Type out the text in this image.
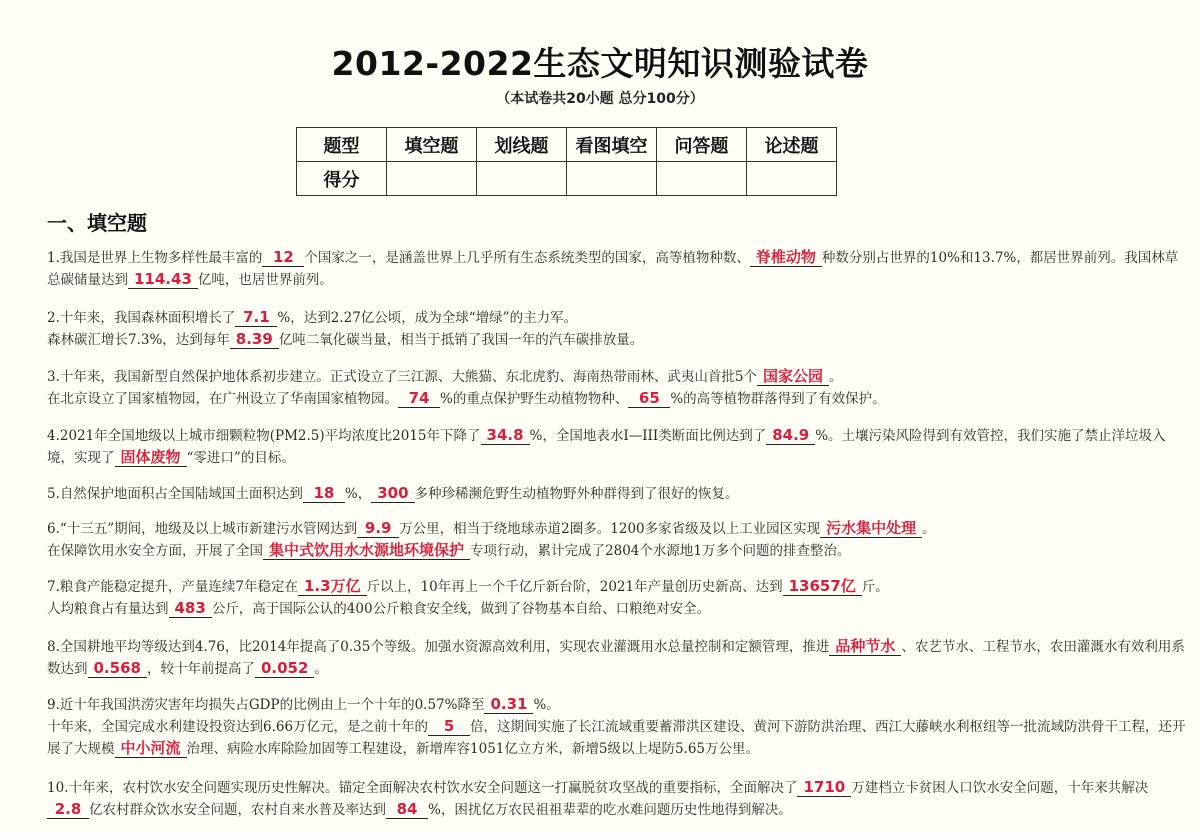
2012-2022生态文明知识测验试卷
（本试卷共20小题 总分100分）
题型	填空题	划线题	看图填空	问答题	论述题
得分					
一、填空题
1.我国是世界上生物多样性最丰富的 12 个国家之一，是涵盖世界上几乎所有生态系统类型的国家，高等植物种数、 脊椎动物 种数分别占世界的10%和13.7%，都居世界前列。我国林草总碳储量达到 114.43 亿吨，也居世界前列。
2.十年来，我国森林面积增长了 7.1 %，达到2.27亿公顷，成为全球“增绿”的主力军。
森林碳汇增长7.3%，达到每年 8.39 亿吨二氧化碳当量，相当于抵销了我国一年的汽车碳排放量。
3.十年来，我国新型自然保护地体系初步建立。正式设立了三江源、大熊猫、东北虎豹、海南热带雨林、武夷山首批5个 国家公园 。
在北京设立了国家植物园，在广州设立了华南国家植物园。 74 %的重点保护野生动植物物种、 65 %的高等植物群落得到了有效保护。
4.2021年全国地级以上城市细颗粒物(PM2.5)平均浓度比2015年下降了 34.8 %，全国地表水I—III类断面比例达到了 84.9 %。土壤污染风险得到有效管控，我们实施了禁止洋垃圾入境，实现了 固体废物 “零进口”的目标。
5.自然保护地面积占全国陆域国土面积达到 18 %， 300 多种珍稀濒危野生动植物野外种群得到了很好的恢复。
6.“十三五”期间，地级及以上城市新建污水管网达到 9.9 万公里，相当于绕地球赤道2圈多。1200多家省级及以上工业园区实现 污水集中处理 。
在保障饮用水安全方面，开展了全国 集中式饮用水水源地环境保护 专项行动，累计完成了2804个水源地1万多个问题的排查整治。
7.粮食产能稳定提升，产量连续7年稳定在 1.3万亿 斤以上，10年再上一个千亿斤新台阶，2021年产量创历史新高、达到 13657亿 斤。
人均粮食占有量达到 483 公斤，高于国际公认的400公斤粮食安全线，做到了谷物基本自给、口粮绝对安全。
8.全国耕地平均等级达到4.76，比2014年提高了0.35个等级。加强水资源高效利用，实现农业灌溉用水总量控制和定额管理，推进 品种节水 、农艺节水、工程节水，农田灌溉水有效利用系数达到 0.568 ，较十年前提高了 0.052 。
9.近十年我国洪涝灾害年均损失占GDP的比例由上一个十年的0.57%降至 0.31 %。
十年来，全国完成水利建设投资达到6.66万亿元，是之前十年的 5 倍，这期间实施了长江流域重要蓄滞洪区建设、黄河下游防洪治理、西江大藤峡水利枢纽等一批流域防洪骨干工程，还开展了大规模 中小河流 治理、病险水库除险加固等工程建设，新增库容1051亿立方米，新增5级以上堤防5.65万公里。
10.十年来，农村饮水安全问题实现历史性解决。锚定全面解决农村饮水安全问题这一打赢脱贫攻坚战的重要指标，全面解决了 1710 万建档立卡贫困人口饮水安全问题，十年来共解决2.8 亿农村群众饮水安全问题，农村自来水普及率达到 84 %，困扰亿万农民祖祖辈辈的吃水难问题历史性地得到解决。
